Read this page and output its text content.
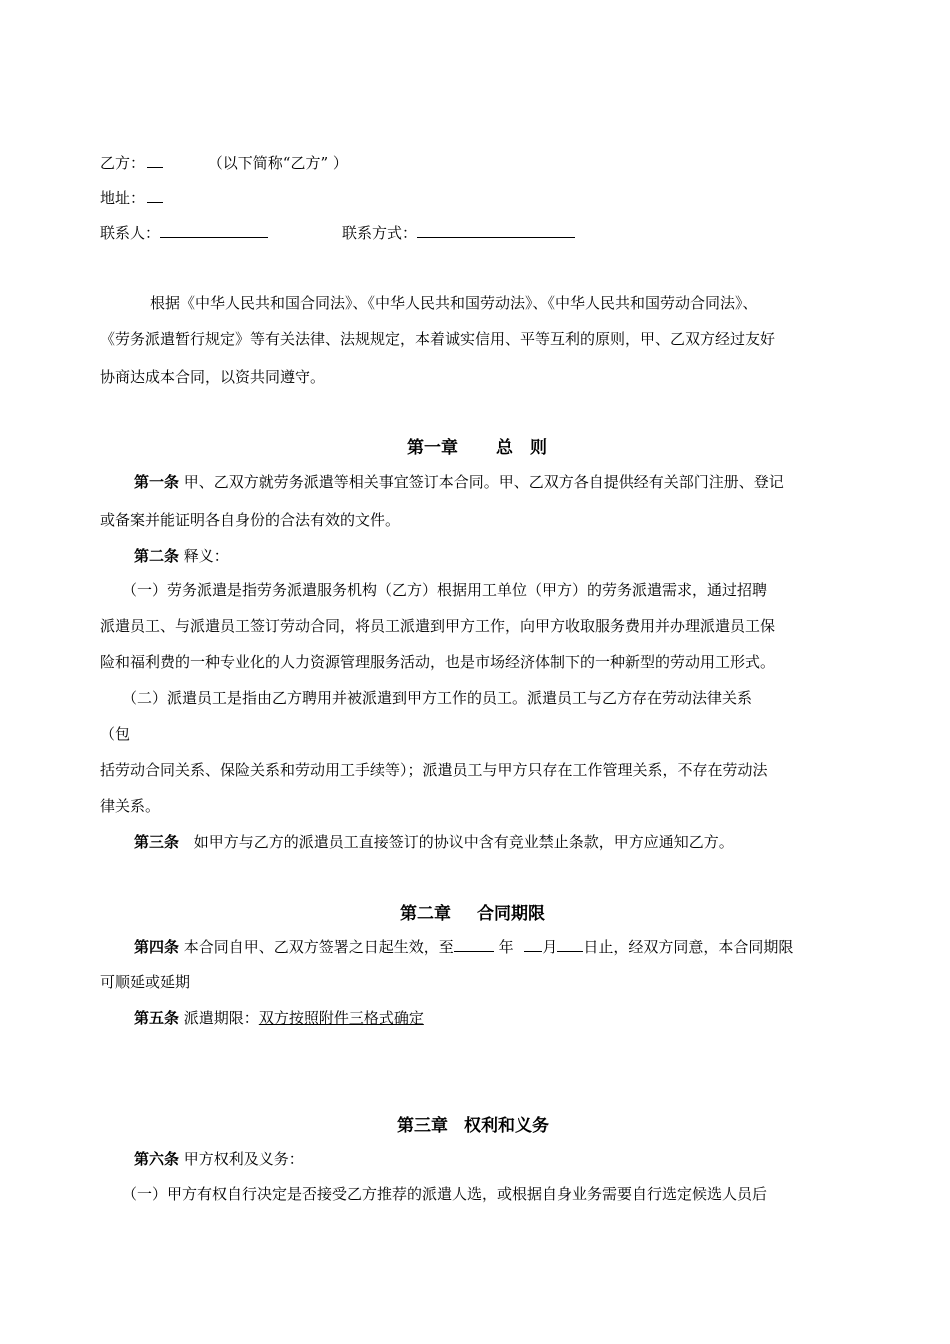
乙方：	（以下简称“乙方” ）
地址：
联系人：	联系方式：
根据《中华人民共和国合同法》、《中华人民共和国劳动法》、《中华人民共和国劳动合同法》、
《劳务派遣暂行规定》等有关法律、法规规定，本着诚实信用、平等互利的原则，甲、乙双方经过友好
协商达成本合同，以资共同遵守。
第一章 总　则
第一条 甲、乙双方就劳务派遣等相关事宜签订本合同。甲、乙双方各自提供经有关部门注册、登记
或备案并能证明各自身份的合法有效的文件。
第二条 释义：
（一）劳务派遣是指劳务派遣服务机构（乙方）根据用工单位（甲方）的劳务派遣需求，通过招聘
派遣员工、与派遣员工签订劳动合同，将员工派遣到甲方工作，向甲方收取服务费用并办理派遣员工保
险和福利费的一种专业化的人力资源管理服务活动，也是市场经济体制下的一种新型的劳动用工形式。
（二）派遣员工是指由乙方聘用并被派遣到甲方工作的员工。派遣员工与乙方存在劳动法律关系
（包
括劳动合同关系、保险关系和劳动用工手续等）；派遣员工与甲方只存在工作管理关系，不存在劳动法
律关系。
第三条 如甲方与乙方的派遣员工直接签订的协议中含有竞业禁止条款，甲方应通知乙方。
第二章 合同期限
第四条 本合同自甲、乙双方签署之日起生效，至	年 月 日止，经双方同意，本合同期限
可顺延或延期
第五条 派遣期限：双方按照附件三格式确定
第三章 权利和义务
第六条 甲方权利及义务：
（一）甲方有权自行决定是否接受乙方推荐的派遣人选，或根据自身业务需要自行选定候选人员后
